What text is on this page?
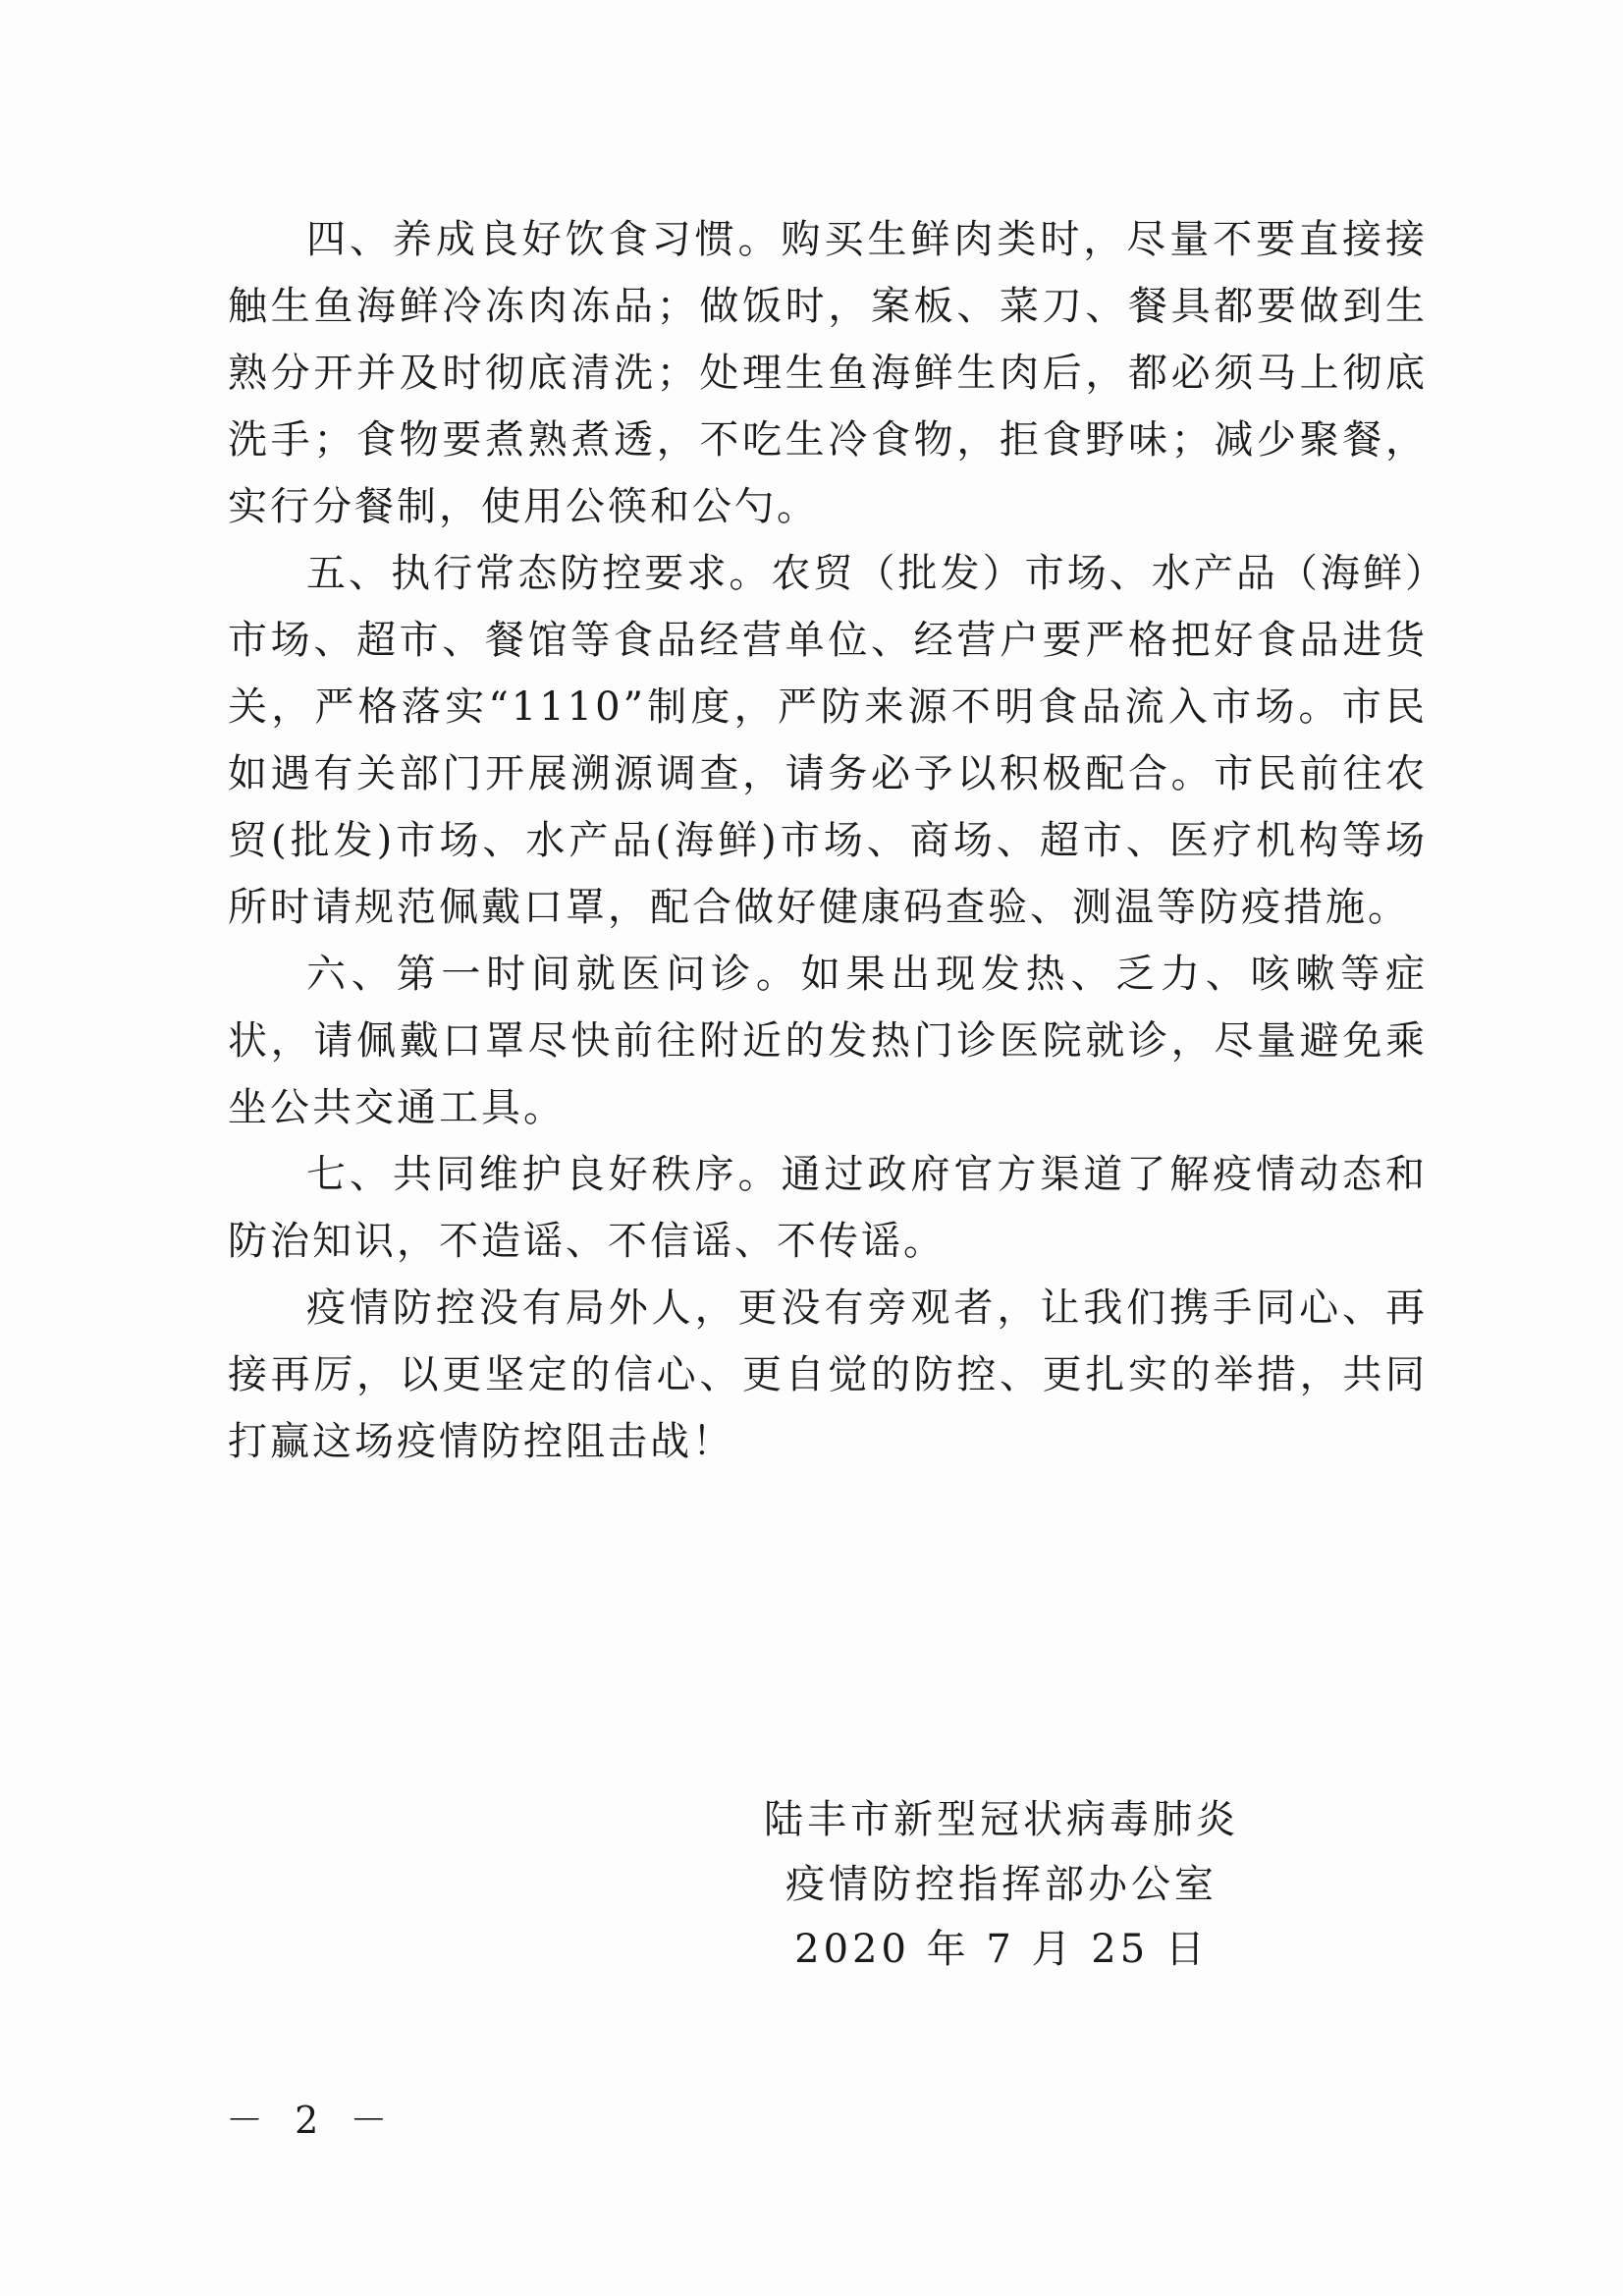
四、养成良好饮食习惯。购买生鲜肉类时，尽量不要直接接触生鱼海鲜冷冻肉冻品；做饭时，案板、菜刀、餐具都要做到生熟分开并及时彻底清洗；处理生鱼海鲜生肉后，都必须马上彻底洗手；食物要煮熟煮透，不吃生冷食物，拒食野味；减少聚餐，实行分餐制，使用公筷和公勺。

五、执行常态防控要求。农贸（批发）市场、水产品（海鲜）市场、超市、餐馆等食品经营单位、经营户要严格把好食品进货关，严格落实“1110”制度，严防来源不明食品流入市场。市民如遇有关部门开展溯源调查，请务必予以积极配合。市民前往农贸(批发)市场、水产品(海鲜)市场、商场、超市、医疗机构等场所时请规范佩戴口罩，配合做好健康码查验、测温等防疫措施。

六、第一时间就医问诊。如果出现发热、乏力、咳嗽等症状，请佩戴口罩尽快前往附近的发热门诊医院就诊，尽量避免乘坐公共交通工具。

七、共同维护良好秩序。通过政府官方渠道了解疫情动态和防治知识，不造谣、不信谣、不传谣。

疫情防控没有局外人，更没有旁观者，让我们携手同心、再接再厉，以更坚定的信心、更自觉的防控、更扎实的举措，共同打赢这场疫情防控阻击战！

陆丰市新型冠状病毒肺炎
疫情防控指挥部办公室
2020 年 7 月 25 日
－ 2 －
